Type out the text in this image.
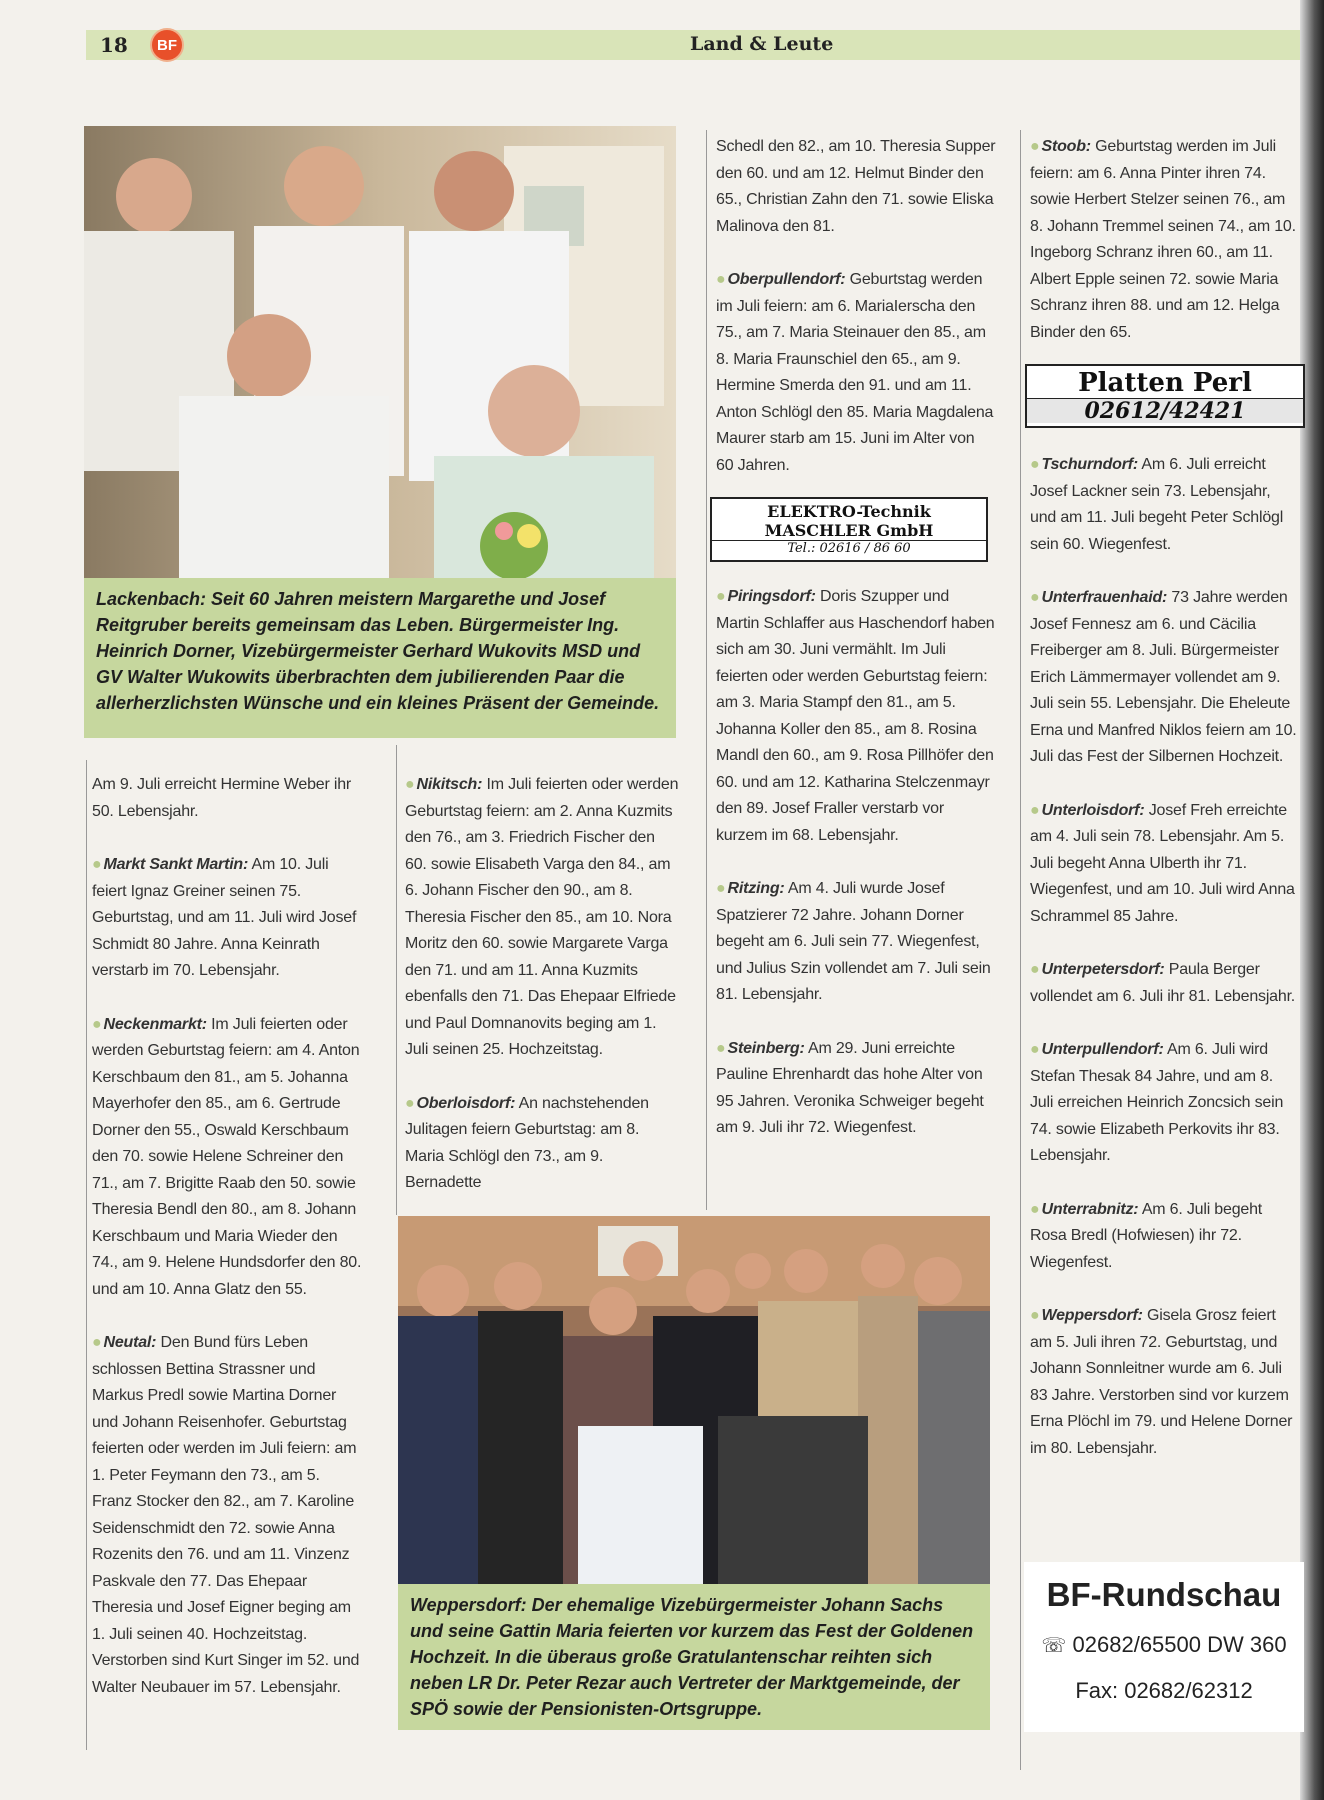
18	BF	Land & Leute
Lackenbach: Seit 60 Jahren meistern Margarethe und Josef Reitgruber bereits gemeinsam das Leben. Bürgermeister Ing. Heinrich Dorner, Vizebürgermeister Gerhard Wukovits MSD und GV Walter Wukowits überbrachten dem jubilierenden Paar die allerherzlichsten Wünsche und ein kleines Präsent der Gemeinde.

Am 9. Juli erreicht Hermine Weber ihr 50. Lebensjahr.

● Markt Sankt Martin: Am 10. Juli feiert Ignaz Greiner seinen 75. Geburtstag, und am 11. Juli wird Josef Schmidt 80 Jahre. Anna Keinrath verstarb im 70. Lebensjahr.

● Neckenmarkt: Im Juli feierten oder werden Geburtstag feiern: am 4. Anton Kerschbaum den 81., am 5. Johanna Mayerhofer den 85., am 6. Gertrude Dorner den 55., Oswald Kerschbaum den 70. sowie Helene Schreiner den 71., am 7. Brigitte Raab den 50. sowie Theresia Bendl den 80., am 8. Johann Kerschbaum und Maria Wieder den 74., am 9. Helene Hundsdorfer den 80. und am 10. Anna Glatz den 55.

● Neutal: Den Bund fürs Leben schlossen Bettina Strassner und Markus Predl sowie Martina Dorner und Johann Reisenhofer. Geburtstag feierten oder werden im Juli feiern: am 1. Peter Feymann den 73., am 5. Franz Stocker den 82., am 7. Karoline Seidenschmidt den 72. sowie Anna Rozenits den 76. und am 11. Vinzenz Paskvale den 77. Das Ehepaar Theresia und Josef Eigner beging am 1. Juli seinen 40. Hochzeitstag. Verstorben sind Kurt Singer im 52. und Walter Neubauer im 57. Lebensjahr.

● Nikitsch: Im Juli feierten oder werden Geburtstag feiern: am 2. Anna Kuzmits den 76., am 3. Friedrich Fischer den 60. sowie Elisabeth Varga den 84., am 6. Johann Fischer den 90., am 8. Theresia Fischer den 85., am 10. Nora Moritz den 60. sowie Margarete Varga den 71. und am 11. Anna Kuzmits ebenfalls den 71. Das Ehepaar Elfriede und Paul Domnanovits beging am 1. Juli seinen 25. Hochzeitstag.

● Oberloisdorf: An nachstehenden Julitagen feiern Geburtstag: am 8. Maria Schlögl den 73., am 9. Bernadette

Schedl den 82., am 10. Theresia Supper den 60. und am 12. Helmut Binder den 65., Christian Zahn den 71. sowie Eliska Malinova den 81.

● Oberpullendorf: Geburtstag werden im Juli feiern: am 6. MariaIerscha den 75., am 7. Maria Steinauer den 85., am 8. Maria Fraunschiel den 65., am 9. Hermine Smerda den 91. und am 11. Anton Schlögl den 85. Maria Magdalena Maurer starb am 15. Juni im Alter von 60 Jahren.

ELEKTRO-Technik
MASCHLER GmbH
Tel.: 02616 / 86 60

● Piringsdorf: Doris Szupper und Martin Schlaffer aus Haschendorf haben sich am 30. Juni vermählt. Im Juli feierten oder werden Geburtstag feiern: am 3. Maria Stampf den 81., am 5. Johanna Koller den 85., am 8. Rosina Mandl den 60., am 9. Rosa Pillhöfer den 60. und am 12. Katharina Stelczenmayr den 89. Josef Fraller verstarb vor kurzem im 68. Lebensjahr.

● Ritzing: Am 4. Juli wurde Josef Spatzierer 72 Jahre. Johann Dorner begeht am 6. Juli sein 77. Wiegenfest, und Julius Szin vollendet am 7. Juli sein 81. Lebensjahr.

● Steinberg: Am 29. Juni erreichte Pauline Ehrenhardt das hohe Alter von 95 Jahren. Veronika Schweiger begeht am 9. Juli ihr 72. Wiegenfest.

Weppersdorf: Der ehemalige Vizebürgermeister Johann Sachs und seine Gattin Maria feierten vor kurzem das Fest der Goldenen Hochzeit. In die überaus große Gratulantenschar reihten sich neben LR Dr. Peter Rezar auch Vertreter der Marktgemeinde, der SPÖ sowie der Pensionisten-Ortsgruppe.

● Stoob: Geburtstag werden im Juli feiern: am 6. Anna Pinter ihren 74. sowie Herbert Stelzer seinen 76., am 8. Johann Tremmel seinen 74., am 10. Ingeborg Schranz ihren 60., am 11. Albert Epple seinen 72. sowie Maria Schranz ihren 88. und am 12. Helga Binder den 65.

Platten Perl
02612/42421

● Tschurndorf: Am 6. Juli erreicht Josef Lackner sein 73. Lebensjahr, und am 11. Juli begeht Peter Schlögl sein 60. Wiegenfest.

● Unterfrauenhaid: 73 Jahre werden Josef Fennesz am 6. und Cäcilia Freiberger am 8. Juli. Bürgermeister Erich Lämmermayer vollendet am 9. Juli sein 55. Lebensjahr. Die Eheleute Erna und Manfred Niklos feiern am 10. Juli das Fest der Silbernen Hochzeit.

● Unterloisdorf: Josef Freh erreichte am 4. Juli sein 78. Lebensjahr. Am 5. Juli begeht Anna Ulberth ihr 71. Wiegenfest, und am 10. Juli wird Anna Schrammel 85 Jahre.

● Unterpetersdorf: Paula Berger vollendet am 6. Juli ihr 81. Lebensjahr.

● Unterpullendorf: Am 6. Juli wird Stefan Thesak 84 Jahre, und am 8. Juli erreichen Heinrich Zoncsich sein 74. sowie Elizabeth Perkovits ihr 83. Lebensjahr.

● Unterrabnitz: Am 6. Juli begeht Rosa Bredl (Hofwiesen) ihr 72. Wiegenfest.

● Weppersdorf: Gisela Grosz feiert am 5. Juli ihren 72. Geburtstag, und Johann Sonnleitner wurde am 6. Juli 83 Jahre. Verstorben sind vor kurzem Erna Plöchl im 79. und Helene Dorner im 80. Lebensjahr.

BF-Rundschau
☏ 02682/65500 DW 360
Fax: 02682/62312
